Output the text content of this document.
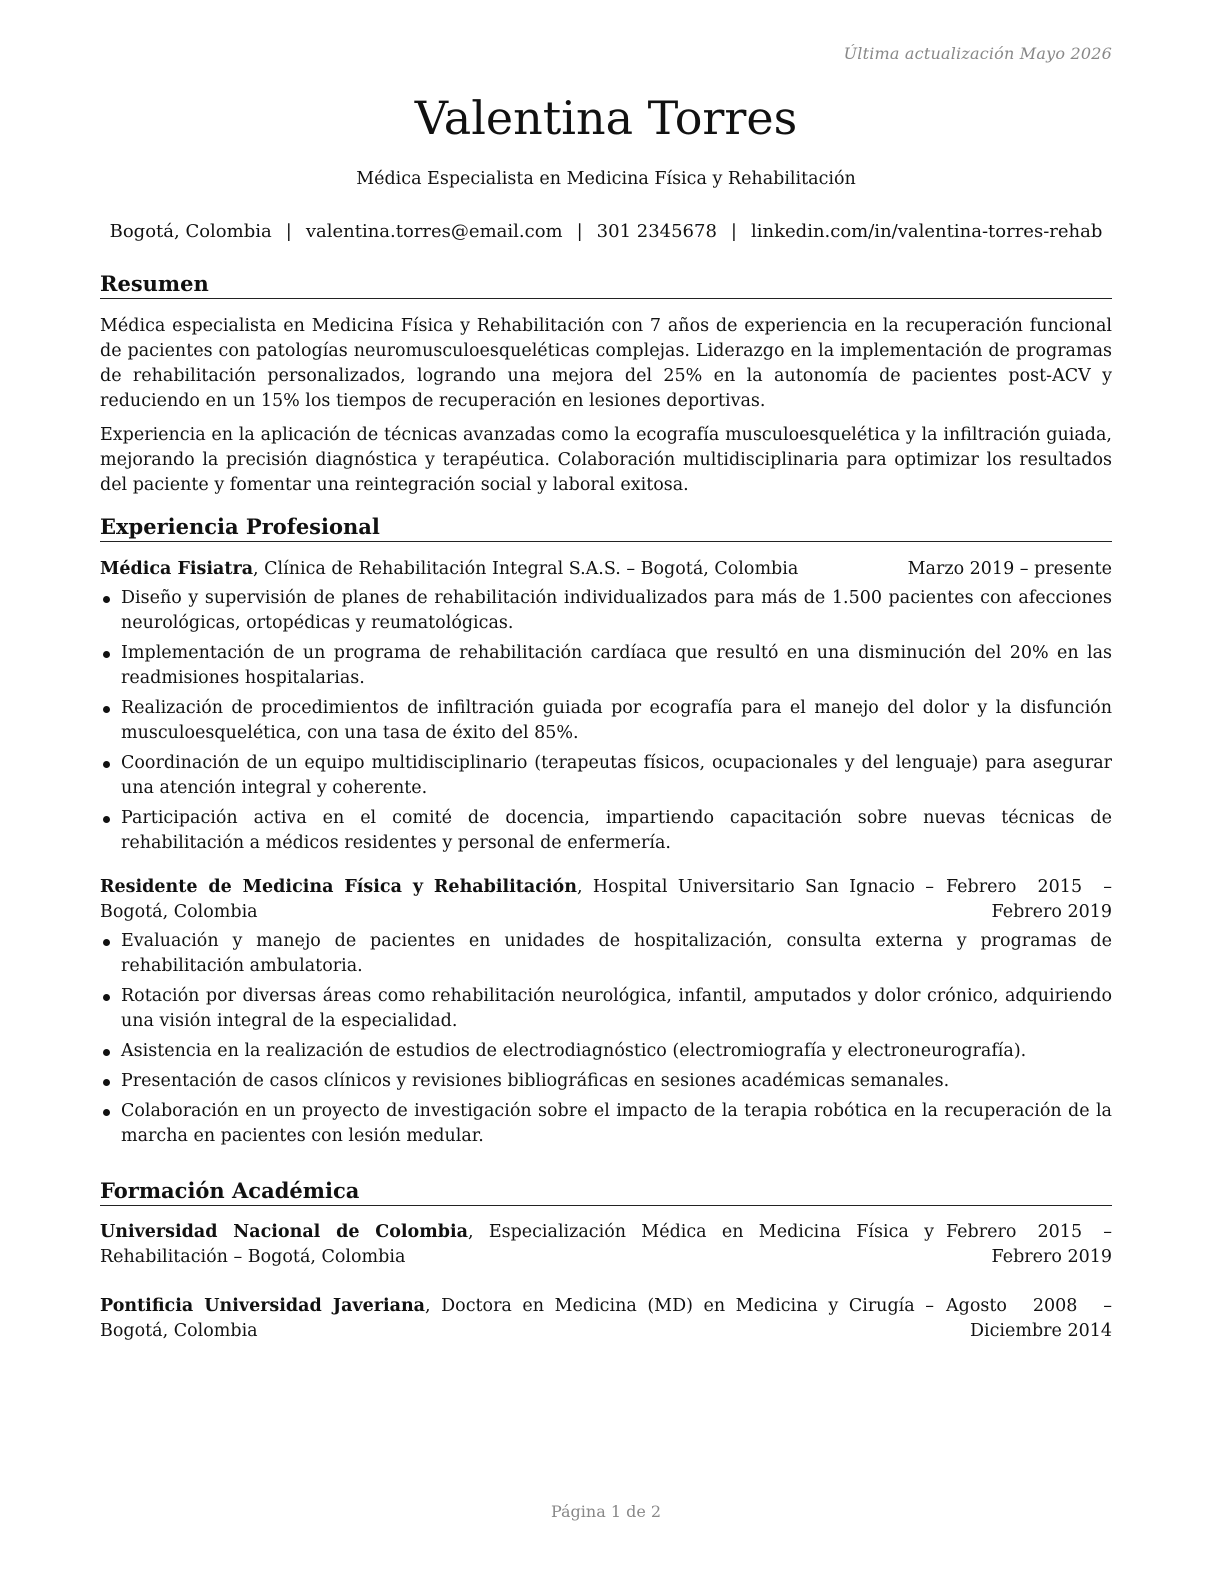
Última actualización Mayo 2026
Valentina Torres
Médica Especialista en Medicina Física y Rehabilitación
Bogotá, Colombia | valentina.torres@email.com | 301 2345678 | linkedin.com/in/valentina-torres-rehab
Resumen

Médica especialista en Medicina Física y Rehabilitación con 7 años de experiencia en la recuperación funcional de pacientes con patologías neuromusculoesqueléticas complejas. Liderazgo en la implementación de programas de rehabilitación personalizados, logrando una mejora del 25% en la autonomía de pacientes post-ACV y reduciendo en un 15% los tiempos de recuperación en lesiones deportivas.

Experiencia en la aplicación de técnicas avanzadas como la ecografía musculoesquelética y la infiltración guiada, mejorando la precisión diagnóstica y terapéutica. Colaboración multidisciplinaria para optimizar los resultados del paciente y fomentar una reintegración social y laboral exitosa.

Experiencia Profesional
Médica Fisiatra, Clínica de Rehabilitación Integral S.A.S. – Bogotá, Colombia	Marzo 2019 – presente
Diseño y supervisión de planes de rehabilitación individualizados para más de 1.500 pacientes con afecciones neurológicas, ortopédicas y reumatológicas.
Implementación de un programa de rehabilitación cardíaca que resultó en una disminución del 20% en las readmisiones hospitalarias.
Realización de procedimientos de infiltración guiada por ecografía para el manejo del dolor y la disfunción musculoesquelética, con una tasa de éxito del 85%.
Coordinación de un equipo multidisciplinario (terapeutas físicos, ocupacionales y del lenguaje) para asegurar una atención integral y coherente.
Participación activa en el comité de docencia, impartiendo capacitación sobre nuevas técnicas de rehabilitación a médicos residentes y personal de enfermería.
Residente de Medicina Física y Rehabilitación, Hospital Universitario San Ignacio – Bogotá, Colombia
Febrero 2015 – Febrero 2019
Evaluación y manejo de pacientes en unidades de hospitalización, consulta externa y programas de rehabilitación ambulatoria.
Rotación por diversas áreas como rehabilitación neurológica, infantil, amputados y dolor crónico, adquiriendo una visión integral de la especialidad.
Asistencia en la realización de estudios de electrodiagnóstico (electromiografía y electroneurografía).
Presentación de casos clínicos y revisiones bibliográficas en sesiones académicas semanales.
Colaboración en un proyecto de investigación sobre el impacto de la terapia robótica en la recuperación de la marcha en pacientes con lesión medular.
Formación Académica
Universidad Nacional de Colombia, Especialización Médica en Medicina Física y Rehabilitación – Bogotá, Colombia
Febrero 2015 – Febrero 2019
Pontificia Universidad Javeriana, Doctora en Medicina (MD) en Medicina y Cirugía – Bogotá, Colombia
Agosto 2008 – Diciembre 2014
Página 1 de 2
